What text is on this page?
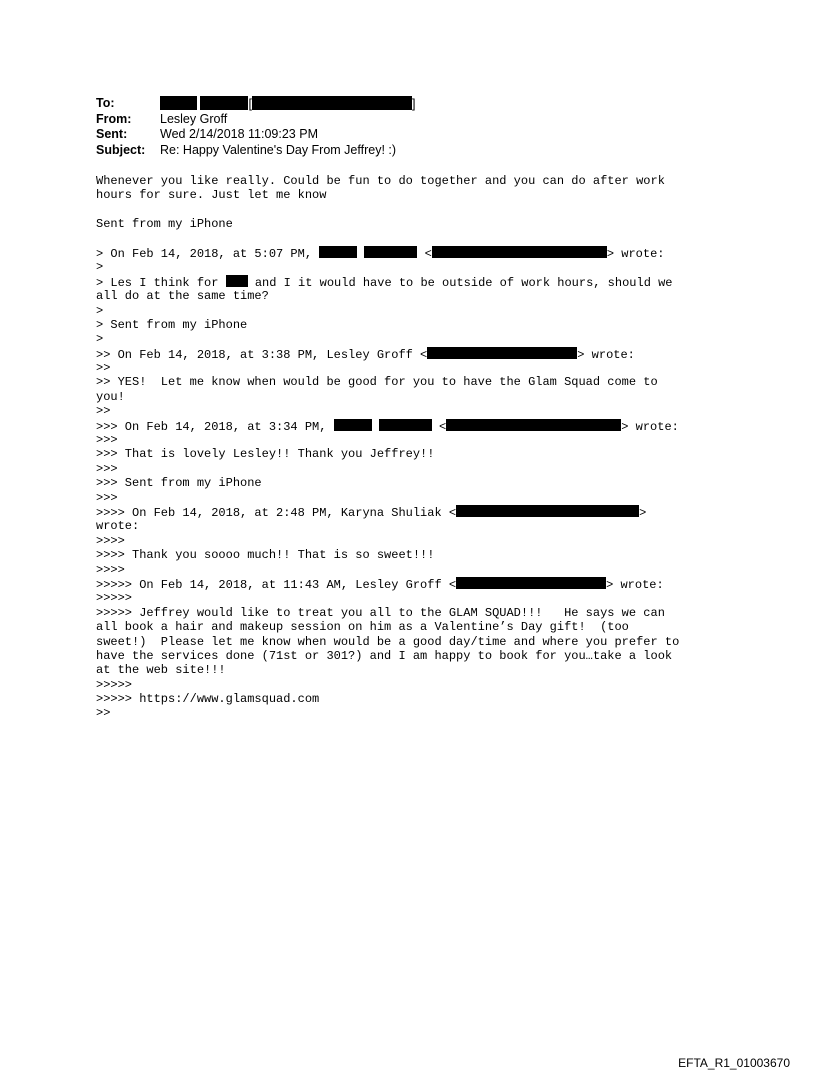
To:	[	]
From: Lesley Groff
Sent:	Wed 2/14/2018 11:09:23 PM
Subject: Re: Happy Valentine's Day From Jeffrey! :)
Whenever you like really. Could be fun to do together and you can do after work
hours for sure. Just let me know
Sent from my iPhone
> On Feb 14, 2018, at 5:07 PM,	<	> wrote:
>
> Les I think for  and I it would have to be outside of work hours, should we
all do at the same time?
>
> Sent from my iPhone
>
>> On Feb 14, 2018, at 3:38 PM, Lesley Groff <	> wrote:
>>
>> YES!  Let me know when would be good for you to have the Glam Squad come to
you!
>>
>>> On Feb 14, 2018, at 3:34 PM,	<	> wrote:
>>>
>>> That is lovely Lesley!! Thank you Jeffrey!!
>>>
>>> Sent from my iPhone
>>>
>>>> On Feb 14, 2018, at 2:48 PM, Karyna Shuliak <	>
wrote:
>>>>
>>>> Thank you soooo much!! That is so sweet!!!
>>>>
>>>>> On Feb 14, 2018, at 11:43 AM, Lesley Groff <	> wrote:
>>>>>
>>>>> Jeffrey would like to treat you all to the GLAM SQUAD!!!   He says we can
all book a hair and makeup session on him as a Valentine’s Day gift!  (too
sweet!)  Please let me know when would be a good day/time and where you prefer to
have the services done (71st or 301?) and I am happy to book for you…take a look
at the web site!!!
>>>>>
>>>>> https://www.glamsquad.com
>>
EFTA_R1_01003670
